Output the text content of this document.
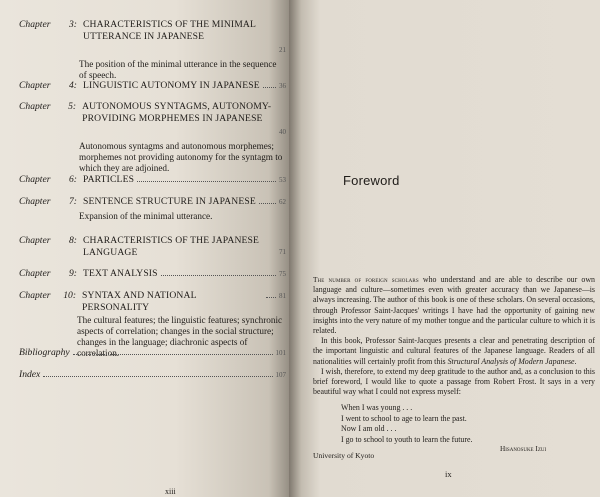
Chapter	3: CHARACTERISTICS OF THE MINIMAL UTTERANCE IN JAPANESE
21
The position of the minimal utterance in the sequence of speech.
Chapter	4: LINGUISTIC AUTONOMY IN JAPANESE	36
Chapter	5: AUTONOMOUS SYNTAGMS, AUTONOMY-PROVIDING MORPHEMES IN JAPANESE
40
Autonomous syntagms and autonomous morphemes; morphemes not providing autonomy for the syntagm to which they are adjoined.
Chapter	6: PARTICLES	53
Chapter	7: SENTENCE STRUCTURE IN JAPANESE	62
Expansion of the minimal utterance.
Chapter	8: CHARACTERISTICS OF THE JAPANESE LANGUAGE	71
Chapter	9: TEXT ANALYSIS	75
Chapter	10: SYNTAX AND NATIONAL PERSONALITY
81
The cultural features; the linguistic features; synchronic aspects of correlation; changes in the social structure; changes in the language; diachronic aspects of correlation.
Bibliography	101
Index	107
xiii
Foreword

The number of foreign scholars who understand and are able to describe our own language and culture—sometimes even with greater accuracy than we Japanese—is always increasing. The author of this book is one of these scholars. On several occasions, through Professor Saint-Jacques' writings I have had the opportunity of gaining new insights into the very nature of my mother tongue and the particular culture to which it is related.

In this book, Professor Saint-Jacques presents a clear and penetrating description of the important linguistic and cultural features of the Japanese language. Readers of all nationalities will certainly profit from this Structural Analysis of Modern Japanese.

I wish, therefore, to extend my deep gratitude to the author and, as a conclusion to this brief foreword, I would like to quote a passage from Robert Frost. It says in a very beautiful way what I could not express myself:

When I was young . . .
I went to school to age to learn the past.
Now I am old . . .
I go to school to youth to learn the future.
University of Kyoto
Hisanosuke Izui
ix
